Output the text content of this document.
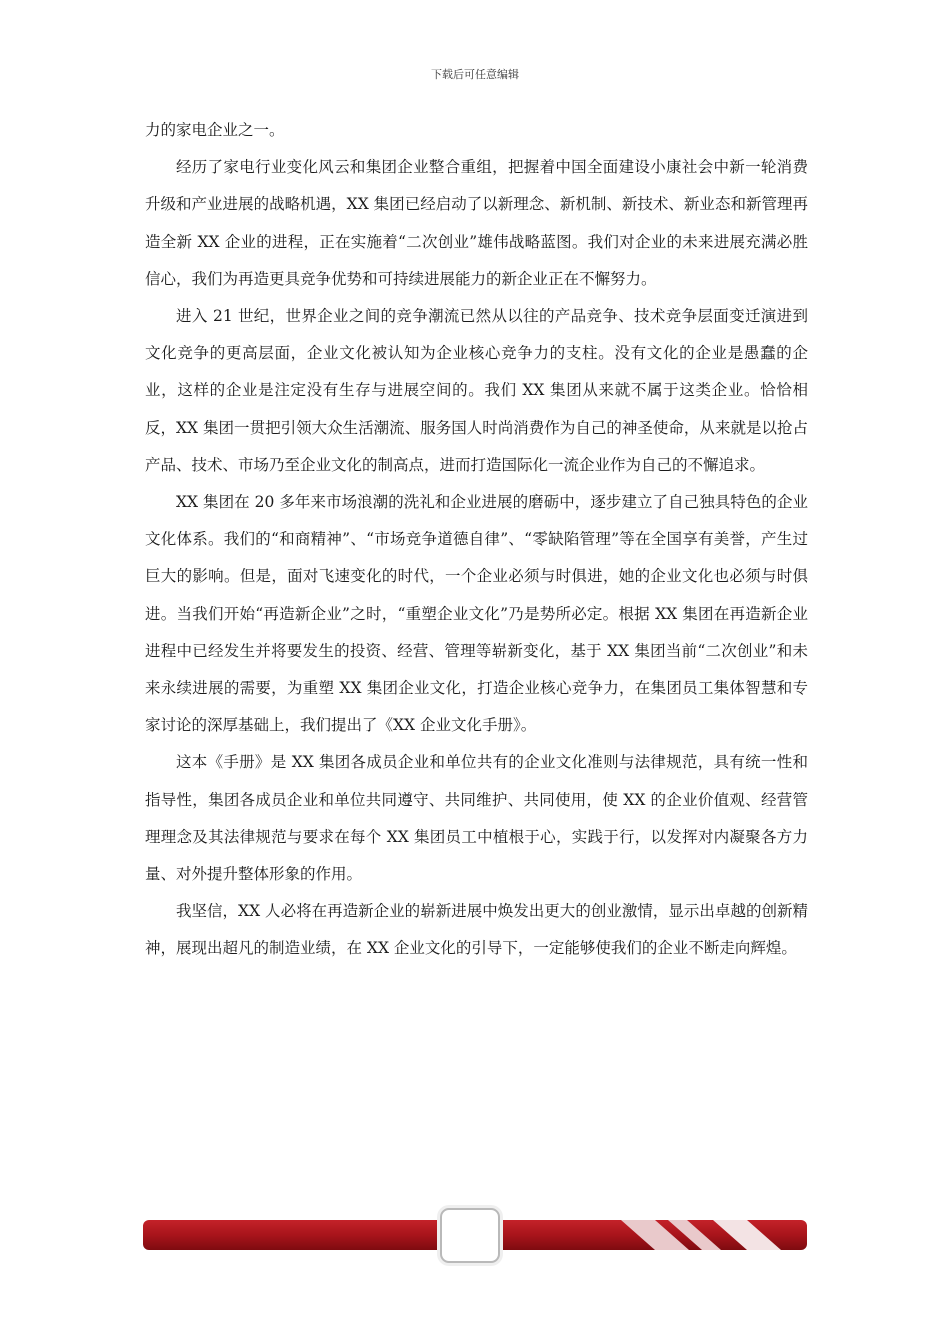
下载后可任意编辑

力的家电企业之一。

经历了家电行业变化风云和集团企业整合重组，把握着中国全面建设小康社会中新一轮消费升级和产业进展的战略机遇，XX 集团已经启动了以新理念、新机制、新技术、新业态和新管理再造全新 XX 企业的进程，正在实施着“二次创业”雄伟战略蓝图。我们对企业的未来进展充满必胜信心，我们为再造更具竞争优势和可持续进展能力的新企业正在不懈努力。

进入 21 世纪，世界企业之间的竞争潮流已然从以往的产品竞争、技术竞争层面变迁演进到文化竞争的更高层面，企业文化被认知为企业核心竞争力的支柱。没有文化的企业是愚蠢的企业，这样的企业是注定没有生存与进展空间的。我们 XX 集团从来就不属于这类企业。恰恰相反，XX 集团一贯把引领大众生活潮流、服务国人时尚消费作为自己的神圣使命，从来就是以抢占产品、技术、市场乃至企业文化的制高点，进而打造国际化一流企业作为自己的不懈追求。

XX 集团在 20 多年来市场浪潮的洗礼和企业进展的磨砺中，逐步建立了自己独具特色的企业文化体系。我们的“和商精神”、“市场竞争道德自律”、“零缺陷管理”等在全国享有美誉，产生过巨大的影响。但是，面对飞速变化的时代，一个企业必须与时俱进，她的企业文化也必须与时俱进。当我们开始“再造新企业”之时，“重塑企业文化”乃是势所必定。根据 XX 集团在再造新企业进程中已经发生并将要发生的投资、经营、管理等崭新变化，基于 XX 集团当前“二次创业”和未来永续进展的需要，为重塑 XX 集团企业文化，打造企业核心竞争力，在集团员工集体智慧和专家讨论的深厚基础上，我们提出了《XX 企业文化手册》。

这本《手册》是 XX 集团各成员企业和单位共有的企业文化准则与法律规范，具有统一性和指导性，集团各成员企业和单位共同遵守、共同维护、共同使用，使 XX 的企业价值观、经营管理理念及其法律规范与要求在每个 XX 集团员工中植根于心，实践于行，以发挥对内凝聚各方力量、对外提升整体形象的作用。

我坚信，XX 人必将在再造新企业的崭新进展中焕发出更大的创业激情，显示出卓越的创新精神，展现出超凡的制造业绩，在 XX 企业文化的引导下，一定能够使我们的企业不断走向辉煌。
